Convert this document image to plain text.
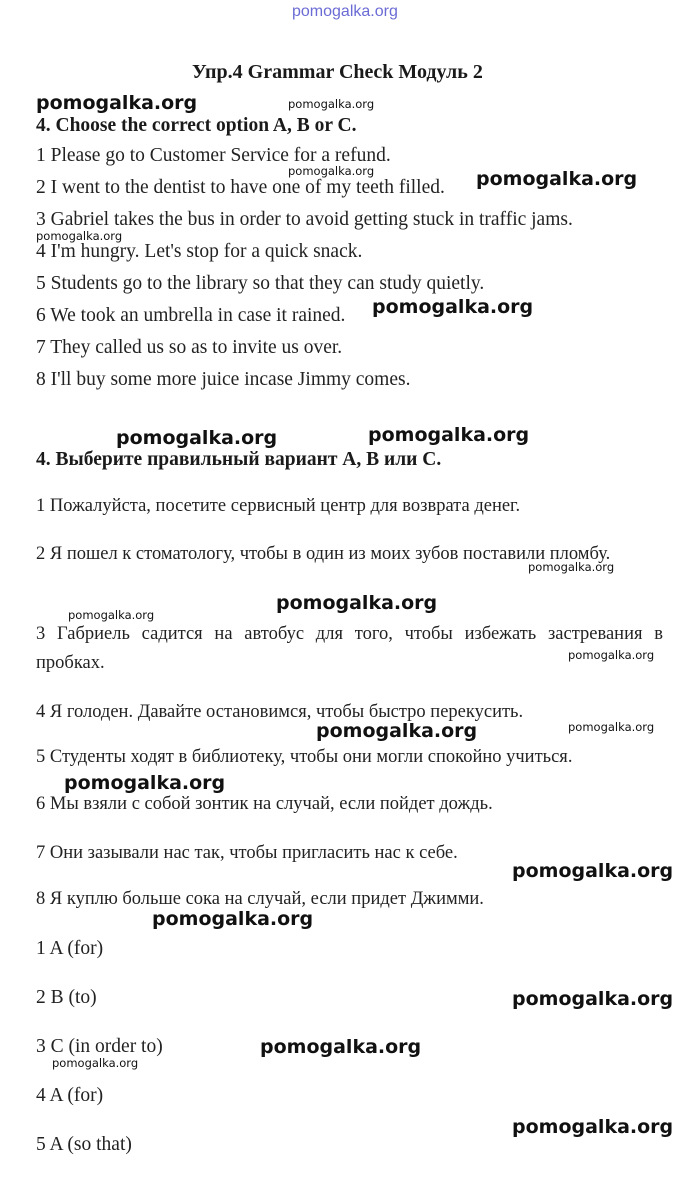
pomogalka.org
Упр.4 Grammar Check Модуль 2
4. Choose the correct option A, B or C.
1 Please go to Customer Service for a refund.
2 I went to the dentist to have one of my teeth filled.
3 Gabriel takes the bus in order to avoid getting stuck in traffic jams.
4 I'm hungry. Let's stop for a quick snack.
5 Students go to the library so that they can study quietly.
6 We took an umbrella in case it rained.
7 They called us so as to invite us over.
8 I'll buy some more juice incase Jimmy comes.
4. Выберите правильный вариант A, B или C.
1 Пожалуйста, посетите сервисный центр для возврата денег.
2 Я пошел к стоматологу, чтобы в один из моих зубов поставили пломбу.
3 Габриель садится на автобус для того, чтобы избежать застревания в пробках.
4 Я голоден. Давайте остановимся, чтобы быстро перекусить.
5 Студенты ходят в библиотеку, чтобы они могли спокойно учиться.
6 Мы взяли с собой зонтик на случай, если пойдет дождь.
7 Они зазывали нас так, чтобы пригласить нас к себе.
8 Я куплю больше сока на случай, если придет Джимми.
1 A (for)
2 B (to)
3 C (in order to)
4 A (for)
5 A (so that)
pomogalka.org	pomogalka.org
pomogalka.org	pomogalka.org
pomogalka.org
pomogalka.org
pomogalka.org	pomogalka.org
pomogalka.org
pomogalka.org
pomogalka.org
pomogalka.org
pomogalka.org
pomogalka.org
pomogalka.org
pomogalka.org
pomogalka.org
pomogalka.org
pomogalka.org
pomogalka.org
pomogalka.org
